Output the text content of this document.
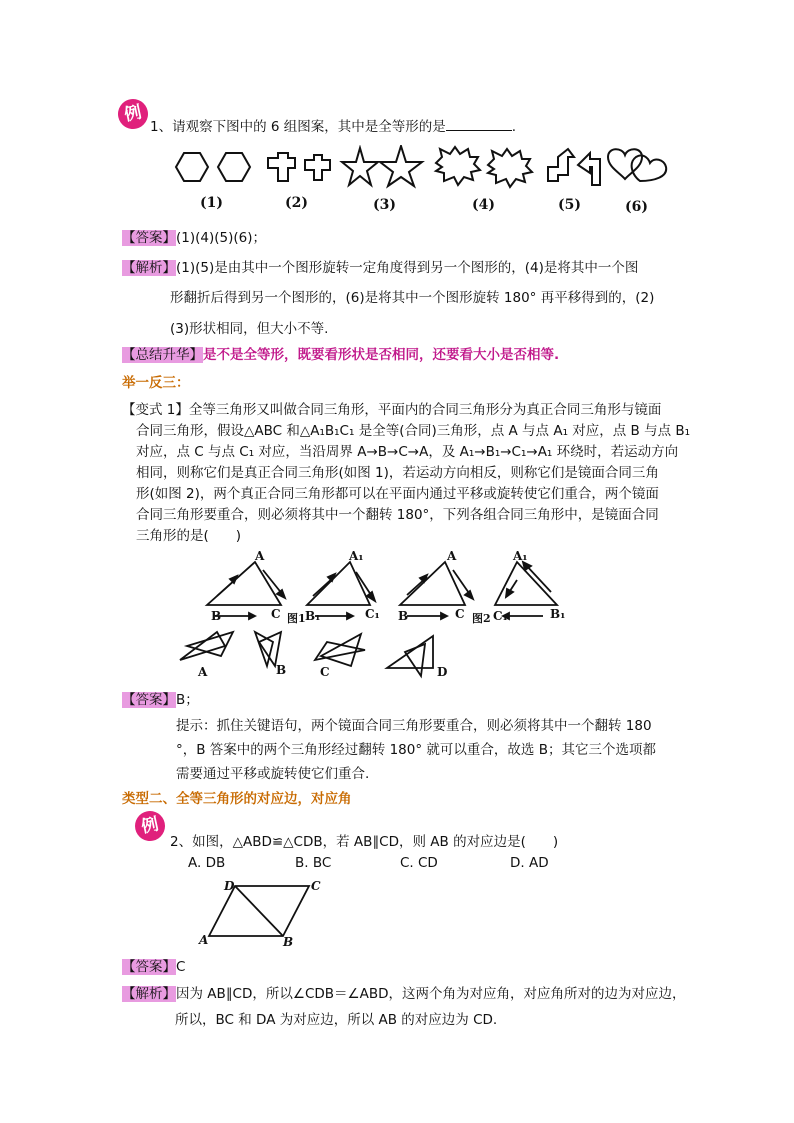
例
1、请观察下图中的 6 组图案，其中是全等形的是	.
(1)	(2)	(3)	(4)	(5)	(6)
【答案】(1)(4)(5)(6)；
【解析】(1)(5)是由其中一个图形旋转一定角度得到另一个图形的，(4)是将其中一个图
形翻折后得到另一个图形的，(6)是将其中一个图形旋转 180° 再平移得到的，(2)
(3)形状相同，但大小不等.
【总结升华】是不是全等形，既要看形状是否相同，还要看大小是否相等.
举一反三：
【变式 1】全等三角形又叫做合同三角形，平面内的合同三角形分为真正合同三角形与镜面
合同三角形，假设△ABC 和△A₁B₁C₁ 是全等(合同)三角形，点 A 与点 A₁ 对应，点 B 与点 B₁
对应，点 C 与点 C₁ 对应，当沿周界 A→B→C→A，及 A₁→B₁→C₁→A₁ 环绕时，若运动方向
相同，则称它们是真正合同三角形(如图 1)，若运动方向相反，则称它们是镜面合同三角
形(如图 2)，两个真正合同三角形都可以在平面内通过平移或旋转使它们重合，两个镜面
合同三角形要重合，则必须将其中一个翻转 180°，下列各组合同三角形中，是镜面合同
三角形的是(　　)
A
B	C
A₁
B₁	C₁
A
B	C
A₁
C₁	B₁
图1	图2
A	B	C	D
【答案】B；
提示：抓住关键语句，两个镜面合同三角形要重合，则必须将其中一个翻转 180
°，B 答案中的两个三角形经过翻转 180° 就可以重合，故选 B；其它三个选项都
需要通过平移或旋转使它们重合.
类型二、全等三角形的对应边，对应角
例
2、如图，△ABD≌△CDB，若 AB∥CD，则 AB 的对应边是(　　)
A. DB	B. BC	C. CD	D. AD
D	C
A	B
【答案】C
【解析】因为 AB∥CD，所以∠CDB＝∠ABD，这两个角为对应角，对应角所对的边为对应边，
所以，BC 和 DA 为对应边，所以 AB 的对应边为 CD.
